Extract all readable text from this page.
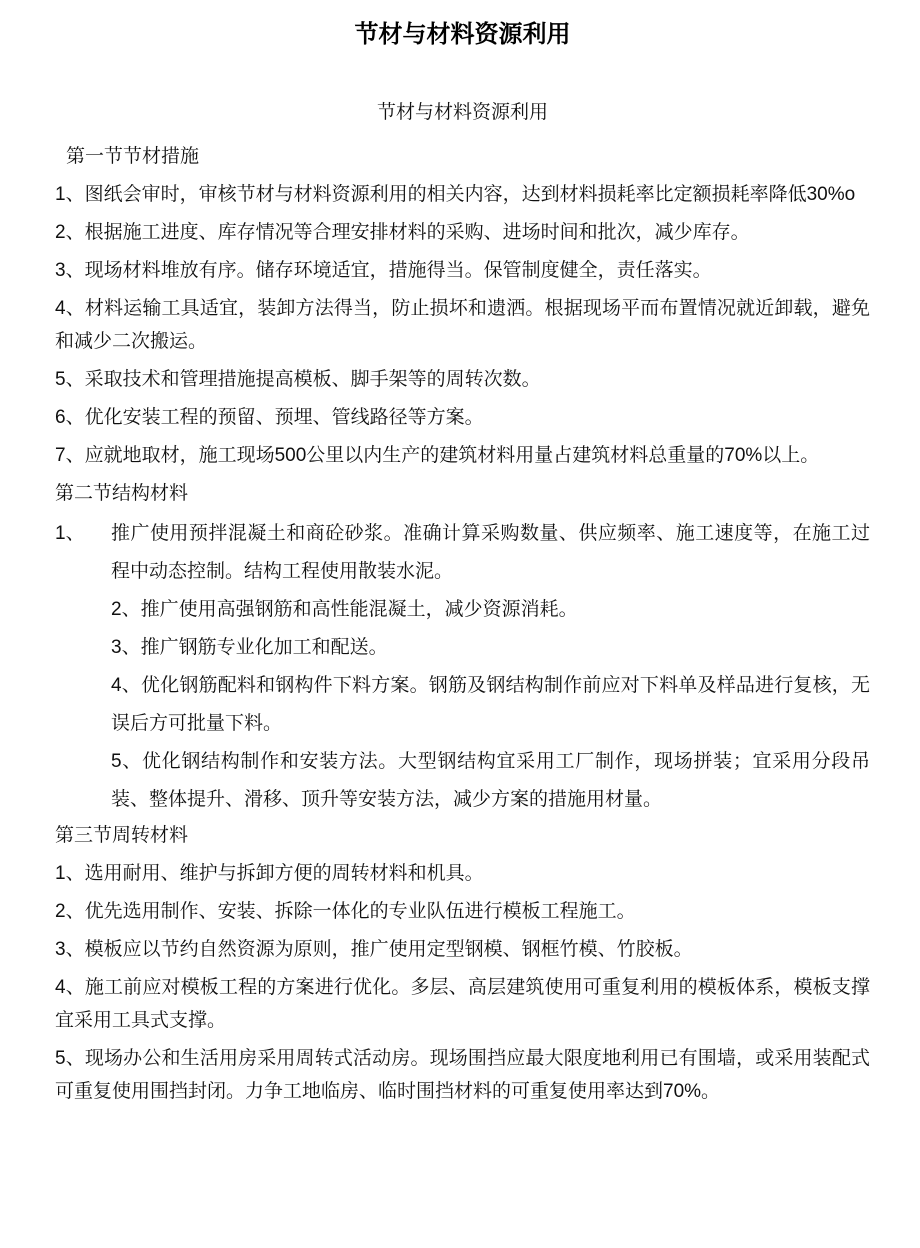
节材与材料资源利用
节材与材料资源利用
第一节节材措施

1、图纸会审时，审核节材与材料资源利用的相关内容，达到材料损耗率比定额损耗率降低30%o

2、根据施工进度、库存情况等合理安排材料的采购、进场时间和批次，减少库存。

3、现场材料堆放有序。储存环境适宜，措施得当。保管制度健全，责任落实。

4、材料运输工具适宜，装卸方法得当，防止损坏和遗洒。根据现场平而布置情况就近卸载，避免和减少二次搬运。

5、采取技术和管理措施提高模板、脚手架等的周转次数。

6、优化安装工程的预留、预埋、管线路径等方案。

7、应就地取材，施工现场500公里以内生产的建筑材料用量占建筑材料总重量的70%以上。

第二节结构材料

1、 推广使用预拌混凝土和商砼砂浆。准确计算采购数量、供应频率、施工速度等，在施工过程中动态控制。结构工程使用散装水泥。

2、推广使用高强钢筋和高性能混凝土，减少资源消耗。

3、推广钢筋专业化加工和配送。

4、优化钢筋配料和钢构件下料方案。钢筋及钢结构制作前应对下料单及样品进行复核，无误后方可批量下料。

5、优化钢结构制作和安装方法。大型钢结构宜采用工厂制作，现场拼装；宜采用分段吊装、整体提升、滑移、顶升等安装方法，减少方案的措施用材量。

第三节周转材料

1、选用耐用、维护与拆卸方便的周转材料和机具。

2、优先选用制作、安装、拆除一体化的专业队伍进行模板工程施工。

3、模板应以节约自然资源为原则，推广使用定型钢模、钢框竹模、竹胶板。

4、施工前应对模板工程的方案进行优化。多层、高层建筑使用可重复利用的模板体系，模板支撑宜采用工具式支撑。

5、现场办公和生活用房采用周转式活动房。现场围挡应最大限度地利用已有围墙，或采用装配式可重复使用围挡封闭。力争工地临房、临时围挡材料的可重复使用率达到70%。
